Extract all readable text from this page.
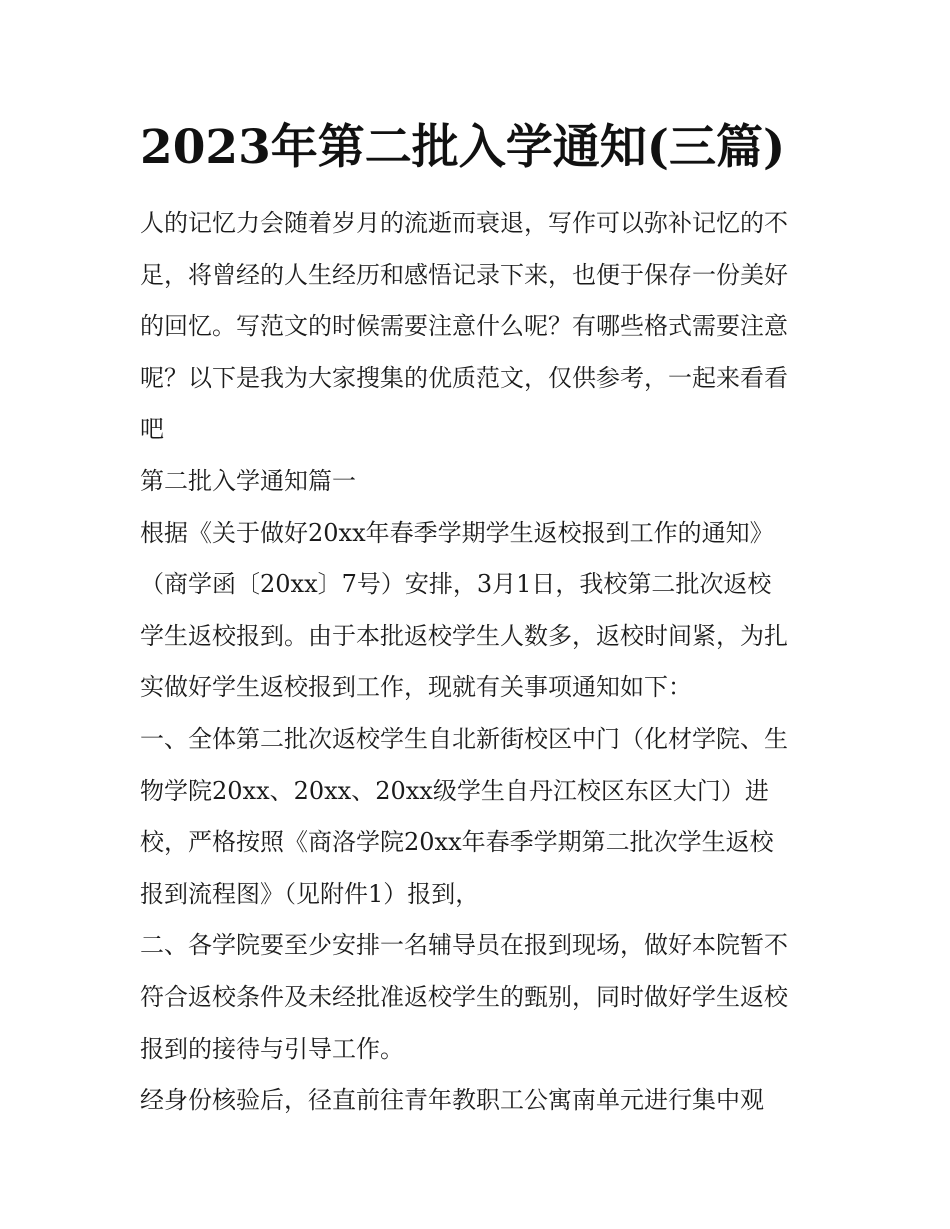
2023年第二批入学通知(三篇)
人的记忆力会随着岁月的流逝而衰退，写作可以弥补记忆的不
足，将曾经的人生经历和感悟记录下来，也便于保存一份美好
的回忆。写范文的时候需要注意什么呢？有哪些格式需要注意
呢？以下是我为大家搜集的优质范文，仅供参考，一起来看看
吧
第二批入学通知篇一
根据《关于做好20xx年春季学期学生返校报到工作的通知》
（商学函〔20xx〕7号）安排，3月1日，我校第二批次返校
学生返校报到。由于本批返校学生人数多，返校时间紧，为扎
实做好学生返校报到工作，现就有关事项通知如下：
一、全体第二批次返校学生自北新街校区中门（化材学院、生
物学院20xx、20xx、20xx级学生自丹江校区东区大门）进
校，严格按照《商洛学院20xx年春季学期第二批次学生返校
报到流程图》（见附件1）报到，
二、各学院要至少安排一名辅导员在报到现场，做好本院暂不
符合返校条件及未经批准返校学生的甄别，同时做好学生返校
报到的接待与引导工作。
经身份核验后，径直前往青年教职工公寓南单元进行集中观
